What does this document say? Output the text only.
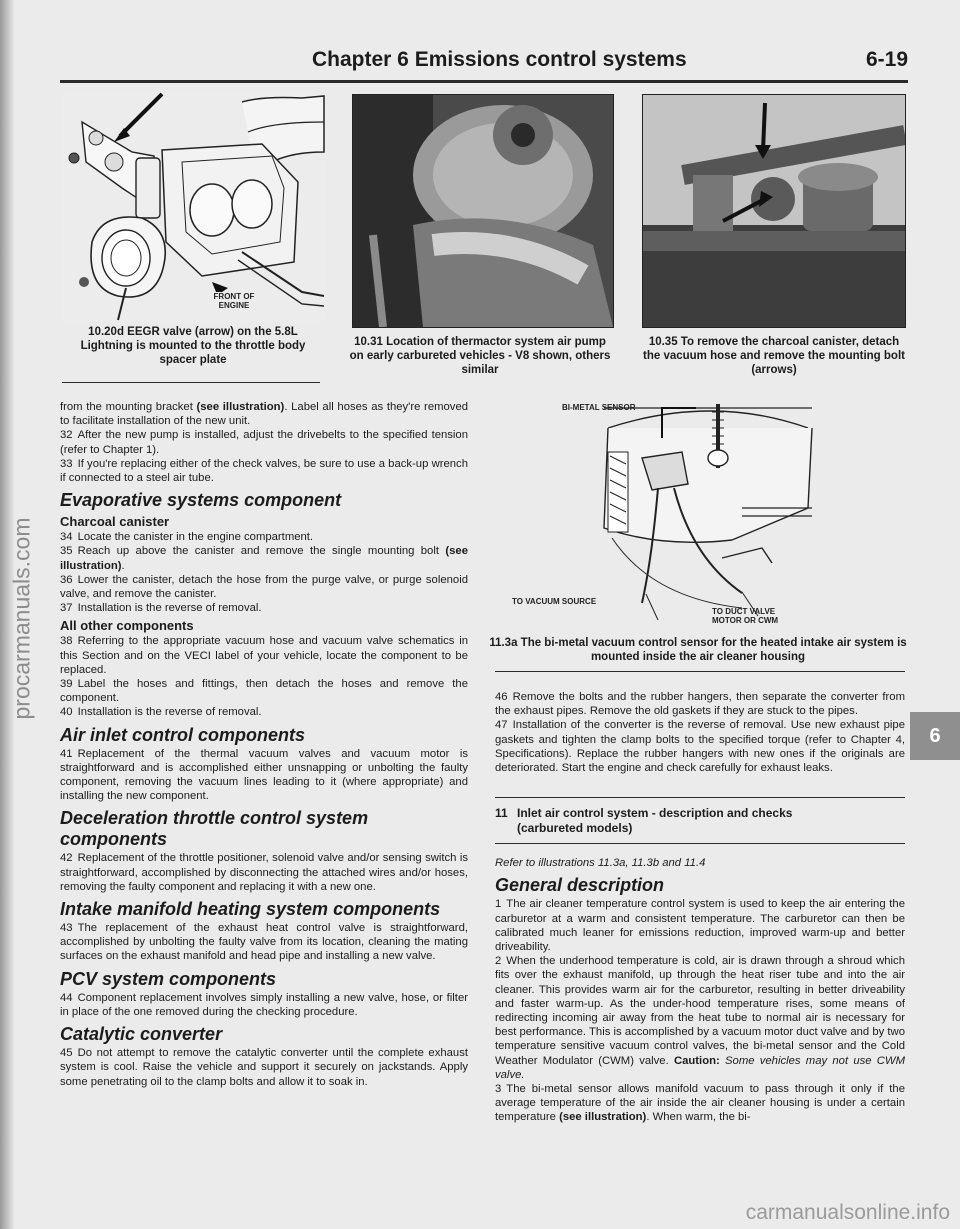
procarmanuals.com
carmanualsonline.info
Chapter 6 Emissions control systems	6-19
6
FRONT OF ENGINE
10.20d EEGR valve (arrow) on the 5.8L Lightning is mounted to the throttle body spacer plate
10.31 Location of thermactor system air pump on early carbureted vehicles - V8 shown, others similar
10.35 To remove the charcoal canister, detach the vacuum hose and remove the mounting bolt (arrows)
BI-METAL SENSOR
TO VACUUM SOURCE
TO DUCT VALVE
MOTOR OR CWM
11.3a The bi-metal vacuum control sensor for the heated intake air system is mounted inside the air cleaner housing

from the mounting bracket (see illustration). Label all hoses as they're removed to facilitate installation of the new unit.

32 After the new pump is installed, adjust the drivebelts to the specified tension (refer to Chapter 1).

33 If you're replacing either of the check valves, be sure to use a back-up wrench if connected to a steel air tube.

Evaporative systems component
Charcoal canister

34 Locate the canister in the engine compartment.

35 Reach up above the canister and remove the single mounting bolt (see illustration).

36 Lower the canister, detach the hose from the purge valve, or purge solenoid valve, and remove the canister.

37 Installation is the reverse of removal.

All other components

38 Referring to the appropriate vacuum hose and vacuum valve schematics in this Section and on the VECI label of your vehicle, locate the component to be replaced.

39 Label the hoses and fittings, then detach the hoses and remove the component.

40 Installation is the reverse of removal.

Air inlet control components

41 Replacement of the thermal vacuum valves and vacuum motor is straightforward and is accomplished either unsnapping or unbolting the faulty component, removing the vacuum lines leading to it (where appropriate) and installing the new component.

Deceleration throttle control system
components

42 Replacement of the throttle positioner, solenoid valve and/or sensing switch is straightforward, accomplished by disconnecting the attached wires and/or hoses, removing the faulty component and replacing it with a new one.

Intake manifold heating system components

43 The replacement of the exhaust heat control valve is straightforward, accomplished by unbolting the faulty valve from its location, cleaning the mating surfaces on the exhaust manifold and head pipe and installing a new valve.

PCV system components

44 Component replacement involves simply installing a new valve, hose, or filter in place of the one removed during the checking procedure.

Catalytic converter

45 Do not attempt to remove the catalytic converter until the complete exhaust system is cool. Raise the vehicle and support it securely on jackstands. Apply some penetrating oil to the clamp bolts and allow it to soak in.

46 Remove the bolts and the rubber hangers, then separate the converter from the exhaust pipes. Remove the old gaskets if they are stuck to the pipes.

47 Installation of the converter is the reverse of removal. Use new exhaust pipe gaskets and tighten the clamp bolts to the specified torque (refer to Chapter 4, Specifications). Replace the rubber hangers with new ones if the originals are deteriorated. Start the engine and check carefully for exhaust leaks.

11 Inlet air control system - description and checks
(carbureted models)

Refer to illustrations 11.3a, 11.3b and 11.4

General description

1 The air cleaner temperature control system is used to keep the air entering the carburetor at a warm and consistent temperature. The carburetor can then be calibrated much leaner for emissions reduction, improved warm-up and better driveability.

2 When the underhood temperature is cold, air is drawn through a shroud which fits over the exhaust manifold, up through the heat riser tube and into the air cleaner. This provides warm air for the carburetor, resulting in better driveability and faster warm-up. As the under-hood temperature rises, some means of redirecting incoming air away from the heat tube to normal air is necessary for best performance. This is accomplished by a vacuum motor duct valve and by two temperature sensitive vacuum control valves, the bi-metal sensor and the Cold Weather Modulator (CWM) valve. Caution: Some vehicles may not use CWM valve.

3 The bi-metal sensor allows manifold vacuum to pass through it only if the average temperature of the air inside the air cleaner housing is under a certain temperature (see illustration). When warm, the bi-
